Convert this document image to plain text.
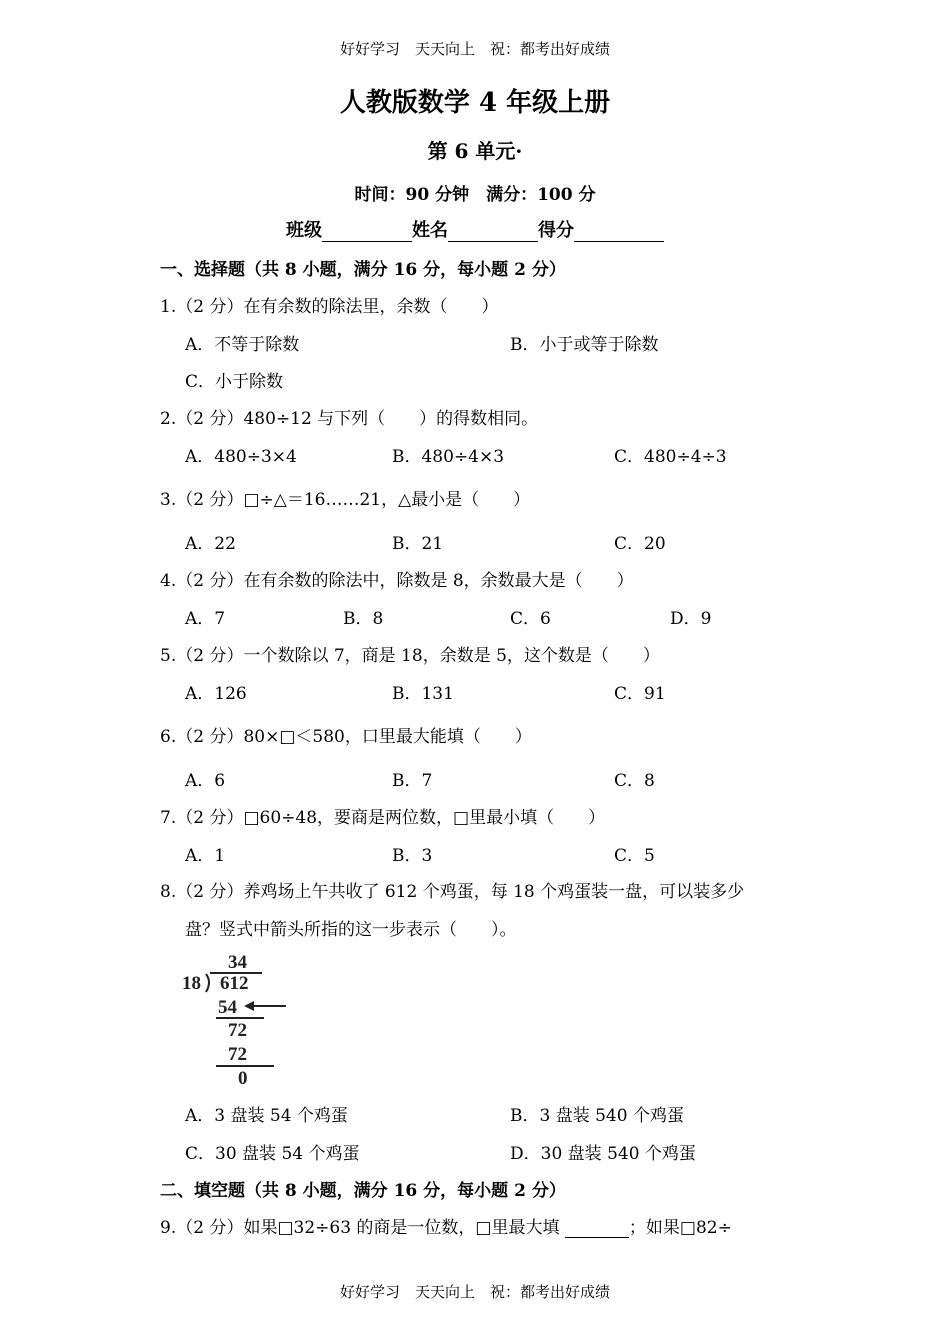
好好学习　天天向上　祝：都考出好成绩
人教版数学 4 年级上册
第 6 单元·
时间：90 分钟　满分：100 分
班级	姓名	得分
一、选择题（共 8 小题，满分 16 分，每小题 2 分）
1.（2 分）在有余数的除法里，余数（　　）
A．不等于除数	B．小于或等于除数
C．小于除数
2.（2 分）480÷12 与下列（　　）的得数相同。
A．480÷3×4	B．480÷4×3	C．480÷4÷3
3.（2 分）□÷△＝16……21，△最小是（　　）
A．22	B．21	C．20
4.（2 分）在有余数的除法中，除数是 8，余数最大是（　　）
A．7	B．8	C．6	D．9
5.（2 分）一个数除以 7，商是 18，余数是 5，这个数是（　　）
A．126	B．131	C．91
6.（2 分）80×□＜580，口里最大能填（　　）
A．6	B．7	C．8
7.（2 分）□60÷48，要商是两位数，□里最小填（　　）
A．1	B．3	C．5
8.（2 分）养鸡场上午共收了 612 个鸡蛋，每 18 个鸡蛋装一盘，可以装多少
盘？竖式中箭头所指的这一步表示（　　）。
34
18 612
54
72
72
0
A．3 盘装 54 个鸡蛋	B．3 盘装 540 个鸡蛋
C．30 盘装 54 个鸡蛋	D．30 盘装 540 个鸡蛋
二、填空题（共 8 小题，满分 16 分，每小题 2 分）
9.（2 分）如果□32÷63 的商是一位数，□里最大填	；如果□82÷
好好学习　天天向上　祝：都考出好成绩
